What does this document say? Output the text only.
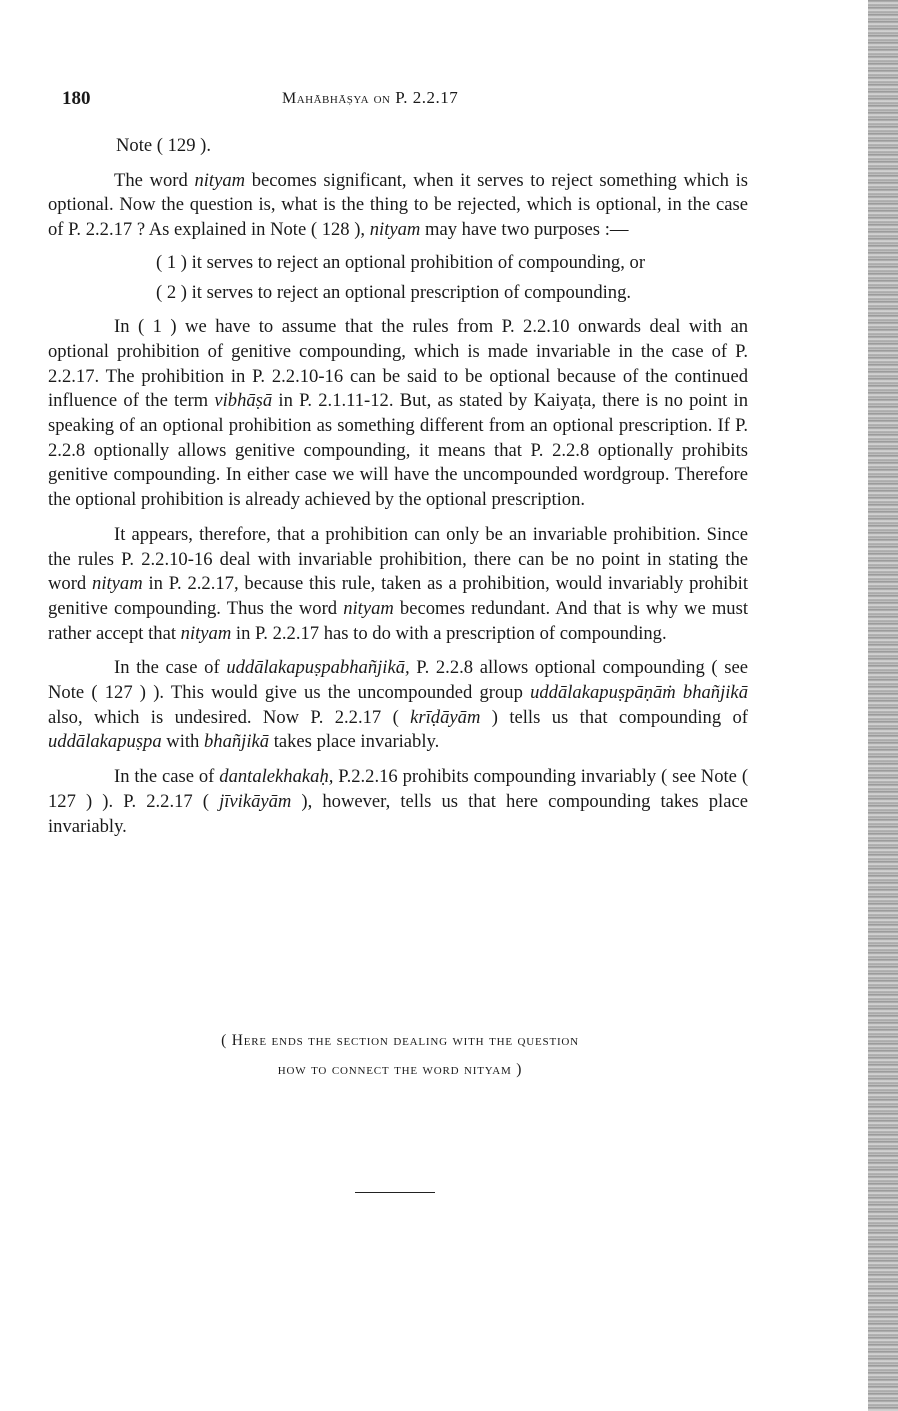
180	Mahābhāṣya on P. 2.2.17
Note ( 129 ).

The word nityam becomes significant, when it serves to reject something which is optional. Now the question is, what is the thing to be rejected, which is optional, in the case of P. 2.2.17 ? As explained in Note ( 128 ), nityam may have two purposes :—

( 1 ) it serves to reject an optional prohibition of compounding, or
( 2 ) it serves to reject an optional prescription of compounding.

In ( 1 ) we have to assume that the rules from P. 2.2.10 onwards deal with an optional prohibition of genitive compounding, which is made invariable in the case of P. 2.2.17. The prohibition in P. 2.2.10-16 can be said to be optional because of the continued influence of the term vibhāṣā in P. 2.1.11-12. But, as stated by Kaiyaṭa, there is no point in speaking of an optional prohibition as something different from an optional prescription. If P. 2.2.8 optionally allows genitive compounding, it means that P. 2.2.8 optionally prohibits genitive compounding. In either case we will have the uncompounded wordgroup. Therefore the optional prohibition is already achieved by the optional prescription.

It appears, therefore, that a prohibition can only be an invariable prohibition. Since the rules P. 2.2.10-16 deal with invariable prohibition, there can be no point in stating the word nityam in P. 2.2.17, because this rule, taken as a prohibition, would invariably prohibit genitive compounding. Thus the word nityam becomes redundant. And that is why we must rather accept that nityam in P. 2.2.17 has to do with a prescription of compounding.

In the case of uddālakapuṣpabhañjikā, P. 2.2.8 allows optional compounding ( see Note ( 127 ) ). This would give us the uncompounded group uddālakapuṣpāṇāṁ bhañjikā also, which is undesired. Now P. 2.2.17 ( krīḍāyām ) tells us that compounding of uddālakapuṣpa with bhañjikā takes place invariably.

In the case of dantalekhakaḥ, P.2.2.16 prohibits compounding invariably ( see Note ( 127 ) ). P. 2.2.17 ( jīvikāyām ), however, tells us that here compounding takes place invariably.

( Here ends the section dealing with the question
how to connect the word nityam )
